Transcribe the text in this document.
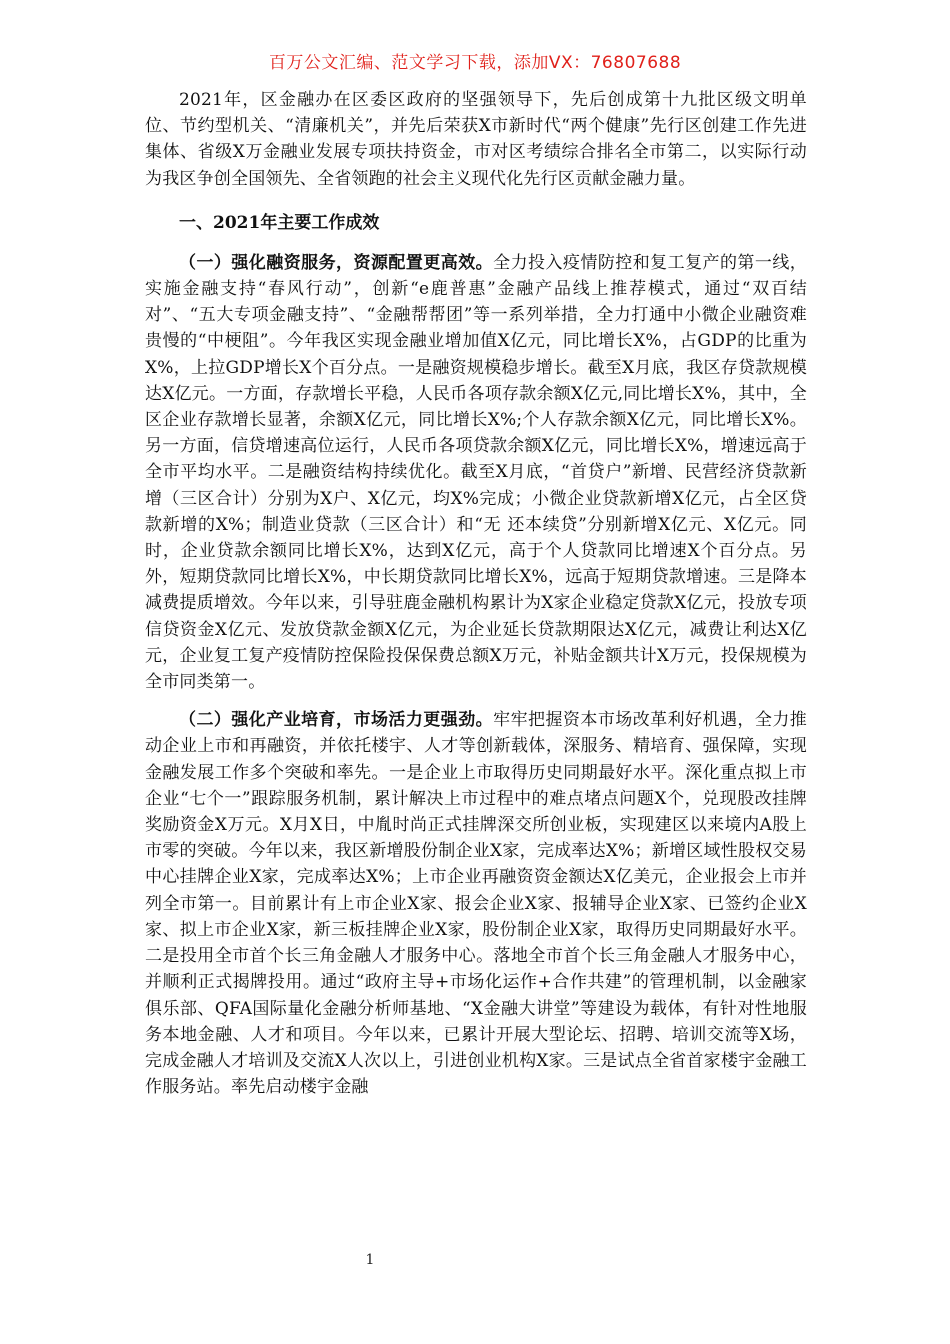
百万公文汇编、范文学习下载，添加VX：76807688

2021年，区金融办在区委区政府的坚强领导下，先后创成第十九批区级文明单位、节约型机关、“清廉机关”，并先后荣获X市新时代“两个健康”先行区创建工作先进集体、省级X万金融业发展专项扶持资金，市对区考绩综合排名全市第二，以实际行动为我区争创全国领先、全省领跑的社会主义现代化先行区贡献金融力量。

一、2021年主要工作成效

（一）强化融资服务，资源配置更高效。全力投入疫情防控和复工复产的第一线，实施金融支持“春风行动”，创新“e鹿普惠”金融产品线上推荐模式，通过“双百结对”、“五大专项金融支持”、“金融帮帮团”等一系列举措，全力打通中小微企业融资难贵慢的“中梗阻”。今年我区实现金融业增加值X亿元，同比增长X%，占GDP的比重为X%，上拉GDP增长X个百分点。一是融资规模稳步增长。截至X月底，我区存贷款规模达X亿元。一方面，存款增长平稳，人民币各项存款余额X亿元,同比增长X%，其中，全区企业存款增长显著，余额X亿元，同比增长X%;个人存款余额X亿元，同比增长X%。另一方面，信贷增速高位运行，人民币各项贷款余额X亿元，同比增长X%，增速远高于全市平均水平。二是融资结构持续优化。截至X月底，“首贷户”新增、民营经济贷款新增（三区合计）分别为X户、X亿元，均X%完成；小微企业贷款新增X亿元，占全区贷款新增的X%；制造业贷款（三区合计）和“无 还本续贷”分别新增X亿元、X亿元。同时，企业贷款余额同比增长X%，达到X亿元，高于个人贷款同比增速X个百分点。另外，短期贷款同比增长X%，中长期贷款同比增长X%，远高于短期贷款增速。三是降本减费提质增效。今年以来，引导驻鹿金融机构累计为X家企业稳定贷款X亿元，投放专项信贷资金X亿元、发放贷款金额X亿元，为企业延长贷款期限达X亿元，减费让利达X亿元，企业复工复产疫情防控保险投保保费总额X万元，补贴金额共计X万元，投保规模为全市同类第一。

（二）强化产业培育，市场活力更强劲。牢牢把握资本市场改革利好机遇，全力推动企业上市和再融资，并依托楼宇、人才等创新载体，深服务、精培育、强保障，实现金融发展工作多个突破和率先。一是企业上市取得历史同期最好水平。深化重点拟上市企业“七个一”跟踪服务机制，累计解决上市过程中的难点堵点问题X个，兑现股改挂牌奖励资金X万元。X月X日，中胤时尚正式挂牌深交所创业板，实现建区以来境内A股上市零的突破。今年以来，我区新增股份制企业X家，完成率达X%；新增区域性股权交易中心挂牌企业X家，完成率达X%；上市企业再融资资金额达X亿美元，企业报会上市并列全市第一。目前累计有上市企业X家、报会企业X家、报辅导企业X家、已签约企业X家、拟上市企业X家，新三板挂牌企业X家，股份制企业X家，取得历史同期最好水平。二是投用全市首个长三角金融人才服务中心。落地全市首个长三角金融人才服务中心，并顺利正式揭牌投用。通过“政府主导+市场化运作+合作共建”的管理机制，以金融家俱乐部、QFA国际量化金融分析师基地、“X金融大讲堂”等建设为载体，有针对性地服务本地金融、人才和项目。今年以来，已累计开展大型论坛、招聘、培训交流等X场，完成金融人才培训及交流X人次以上，引进创业机构X家。三是试点全省首家楼宇金融工作服务站。率先启动楼宇金融

1
